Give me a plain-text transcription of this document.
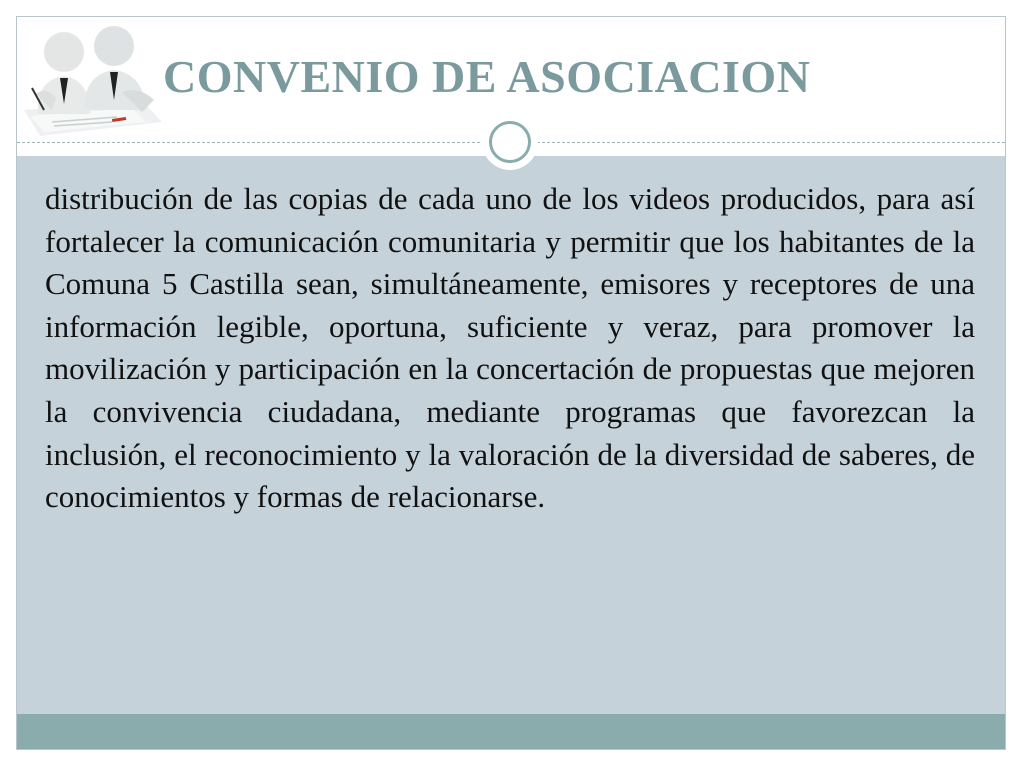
CONVENIO DE ASOCIACION
distribución de las copias de cada uno de los videos producidos, para así fortalecer la comunicación comunitaria y permitir que los habitantes de la Comuna 5 Castilla sean, simultáneamente, emisores y receptores de una información legible, oportuna, suficiente y veraz, para promover la movilización y participación en la concertación de propuestas que mejoren la convivencia ciudadana, mediante programas que favorezcan la inclusión, el reconocimiento y la valoración de la diversidad de saberes, de conocimientos y formas de relacionarse.
